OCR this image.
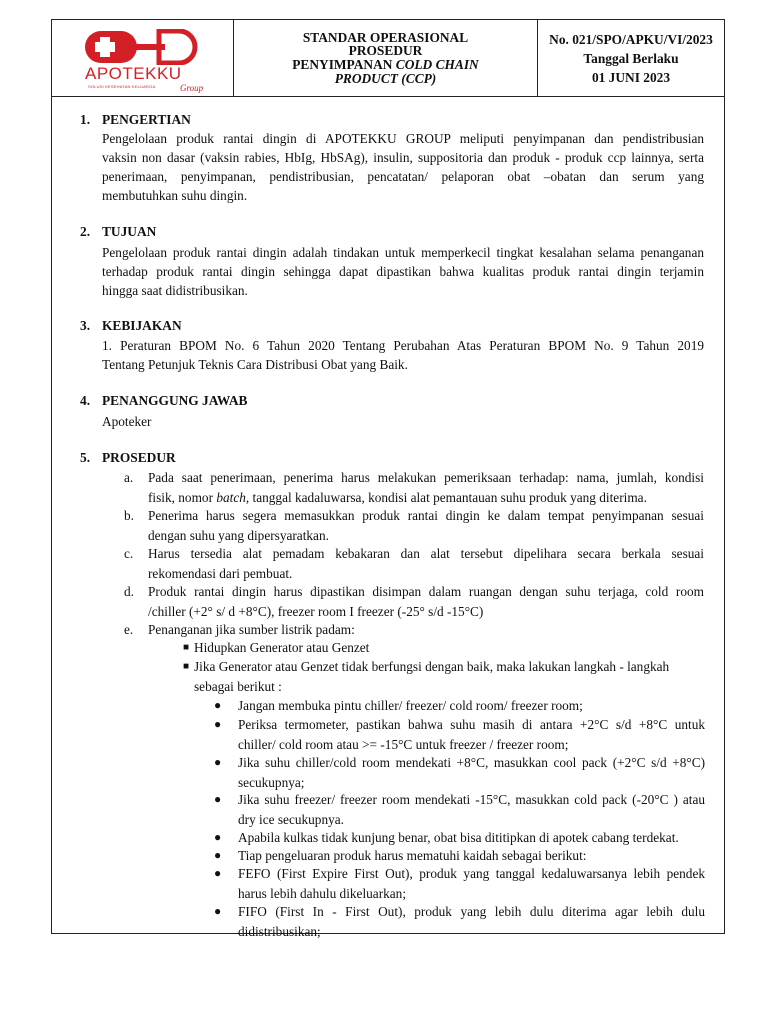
APOTEKKU
SOLUSI KESEHATAN KELUARGA	Group
STANDAR OPERASIONAL
PROSEDUR
PENYIMPANAN COLD CHAIN
PRODUCT (CCP)
No. 021/SPO/APKU/VI/2023
Tanggal Berlaku
01 JUNI 2023
1. PENGERTIAN
Pengelolaan produk rantai dingin di APOTEKKU GROUP meliputi penyimpanan dan pendistribusian
vaksin non dasar (vaksin rabies, HbIg, HbSAg), insulin, suppositoria dan produk - produk ccp lainnya, serta
penerimaan, penyimpanan, pendistribusian, pencatatan/ pelaporan obat –obatan dan serum yang
membutuhkan suhu dingin.
2. TUJUAN
Pengelolaan produk rantai dingin adalah tindakan untuk memperkecil tingkat kesalahan selama penanganan
terhadap produk rantai dingin sehingga dapat dipastikan bahwa kualitas produk rantai dingin terjamin
hingga saat didistribusikan.
3. KEBIJAKAN
1. Peraturan BPOM No. 6 Tahun 2020 Tentang Perubahan Atas Peraturan BPOM No. 9 Tahun 2019
Tentang Petunjuk Teknis Cara Distribusi Obat yang Baik.
4. PENANGGUNG JAWAB
Apoteker
5. PROSEDUR
a. Pada saat penerimaan, penerima harus melakukan pemeriksaan terhadap: nama, jumlah, kondisi
fisik, nomor batch, tanggal kadaluwarsa, kondisi alat pemantauan suhu produk yang diterima.
b. Penerima harus segera memasukkan produk rantai dingin ke dalam tempat penyimpanan sesuai
dengan suhu yang dipersyaratkan.
c. Harus tersedia alat pemadam kebakaran dan alat tersebut dipelihara secara berkala sesuai
rekomendasi dari pembuat.
d. Produk rantai dingin harus dipastikan disimpan dalam ruangan dengan suhu terjaga, cold room
/chiller (+2° s/ d +8°C), freezer room I freezer (-25° s/d -15°C)
e. Penanganan jika sumber listrik padam:
■ Hidupkan Generator atau Genzet
■ Jika Generator atau Genzet tidak berfungsi dengan baik, maka lakukan langkah - langkah
sebagai berikut :
● Jangan membuka pintu chiller/ freezer/ cold room/ freezer room;
● Periksa termometer, pastikan bahwa suhu masih di antara +2°C s/d +8°C untuk
chiller/ cold room atau >= -15°C untuk freezer / freezer room;
● Jika suhu chiller/cold room mendekati +8°C, masukkan cool pack (+2°C s/d +8°C)
secukupnya;
● Jika suhu freezer/ freezer room mendekati -15°C, masukkan cold pack (-20°C ) atau
dry ice secukupnya.
● Apabila kulkas tidak kunjung benar, obat bisa dititipkan di apotek cabang terdekat.
● Tiap pengeluaran produk harus mematuhi kaidah sebagai berikut:
● FEFO (First Expire First Out), produk yang tanggal kedaluwarsanya lebih pendek
harus lebih dahulu dikeluarkan;
● FIFO (First In - First Out), produk yang lebih dulu diterima agar lebih dulu
didistribusikan;
